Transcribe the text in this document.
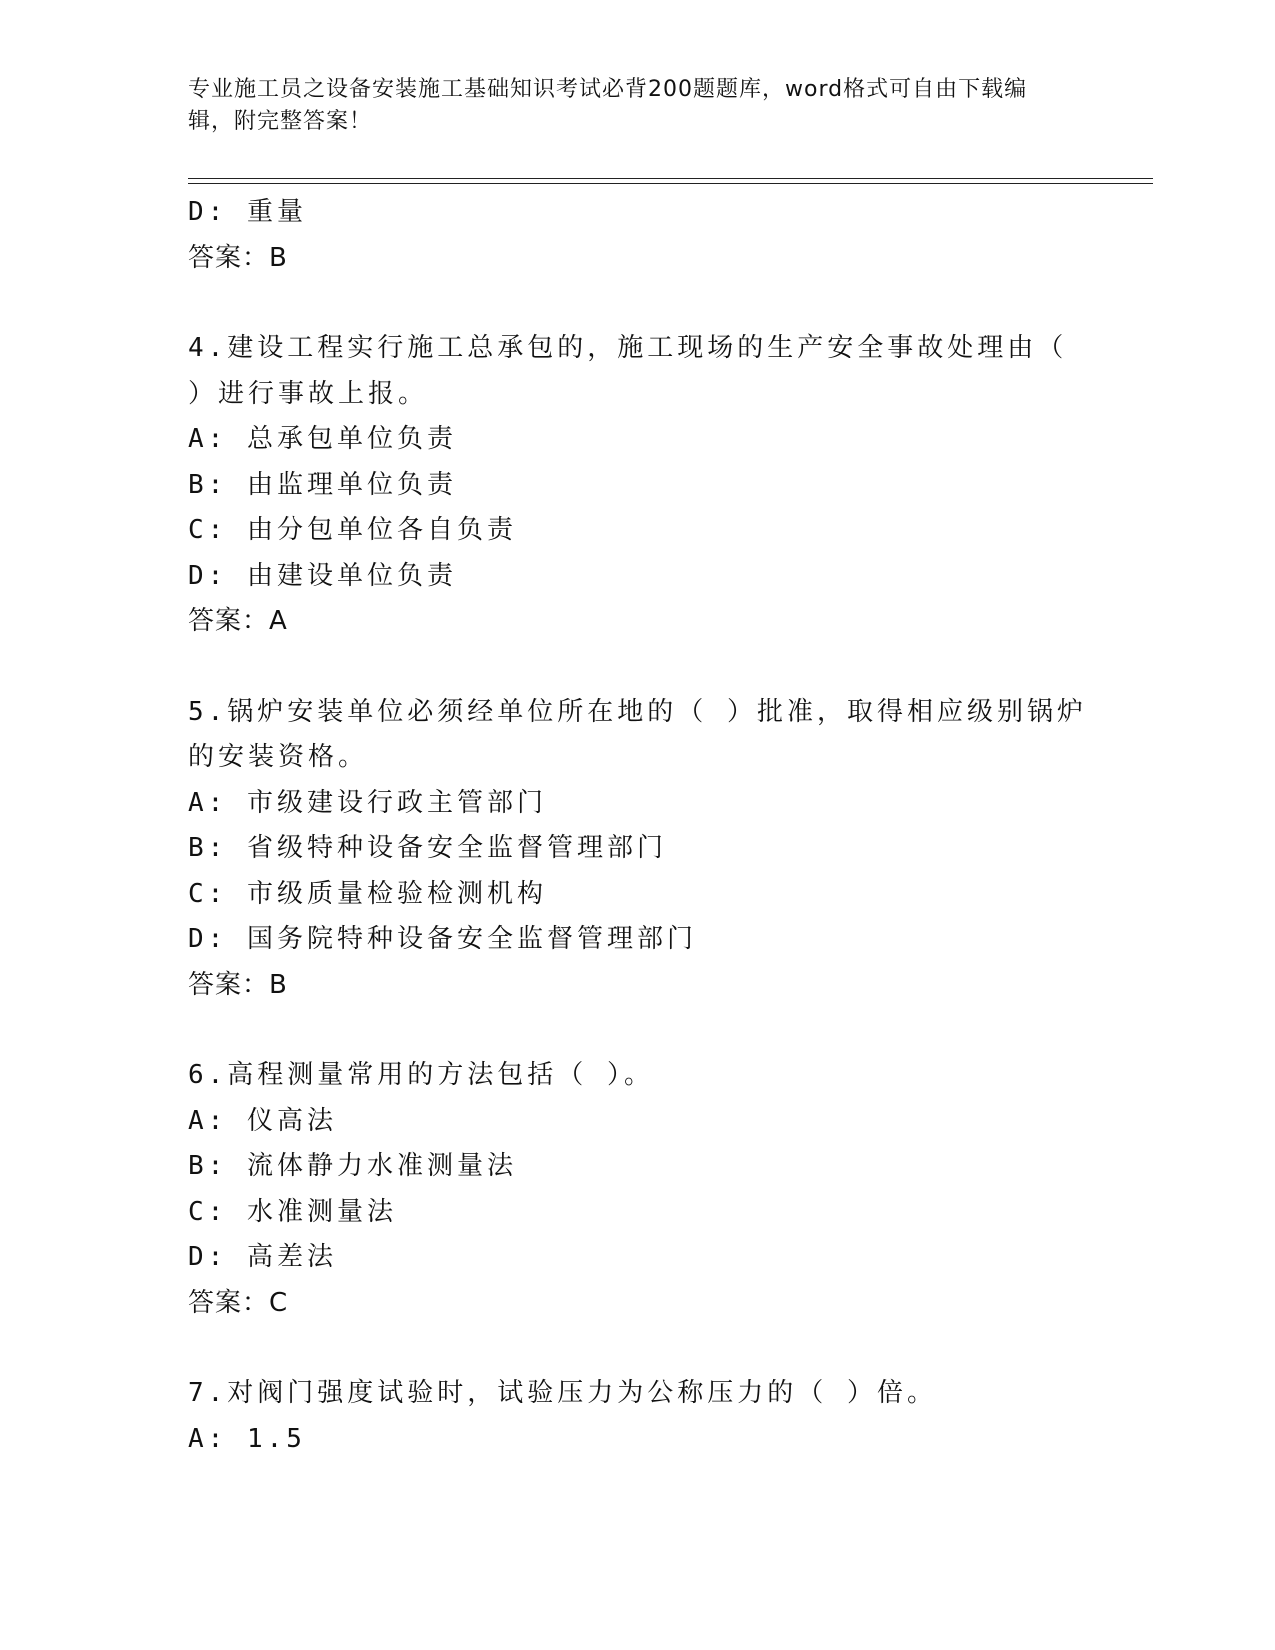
专业施工员之设备安装施工基础知识考试必背200题题库，word格式可自由下载编辑，附完整答案！
D: 重量
答案：B
4.建设工程实行施工总承包的，施工现场的生产安全事故处理由（ ）进行事故上报。
A: 总承包单位负责
B: 由监理单位负责
C: 由分包单位各自负责
D: 由建设单位负责
答案：A
5.锅炉安装单位必须经单位所在地的（ ）批准，取得相应级别锅炉的安装资格。
A: 市级建设行政主管部门
B: 省级特种设备安全监督管理部门
C: 市级质量检验检测机构
D: 国务院特种设备安全监督管理部门
答案：B
6.高程测量常用的方法包括（ ）。
A: 仪高法
B: 流体静力水准测量法
C: 水准测量法
D: 高差法
答案：C
7.对阀门强度试验时，试验压力为公称压力的（ ）倍。
A: 1.5
